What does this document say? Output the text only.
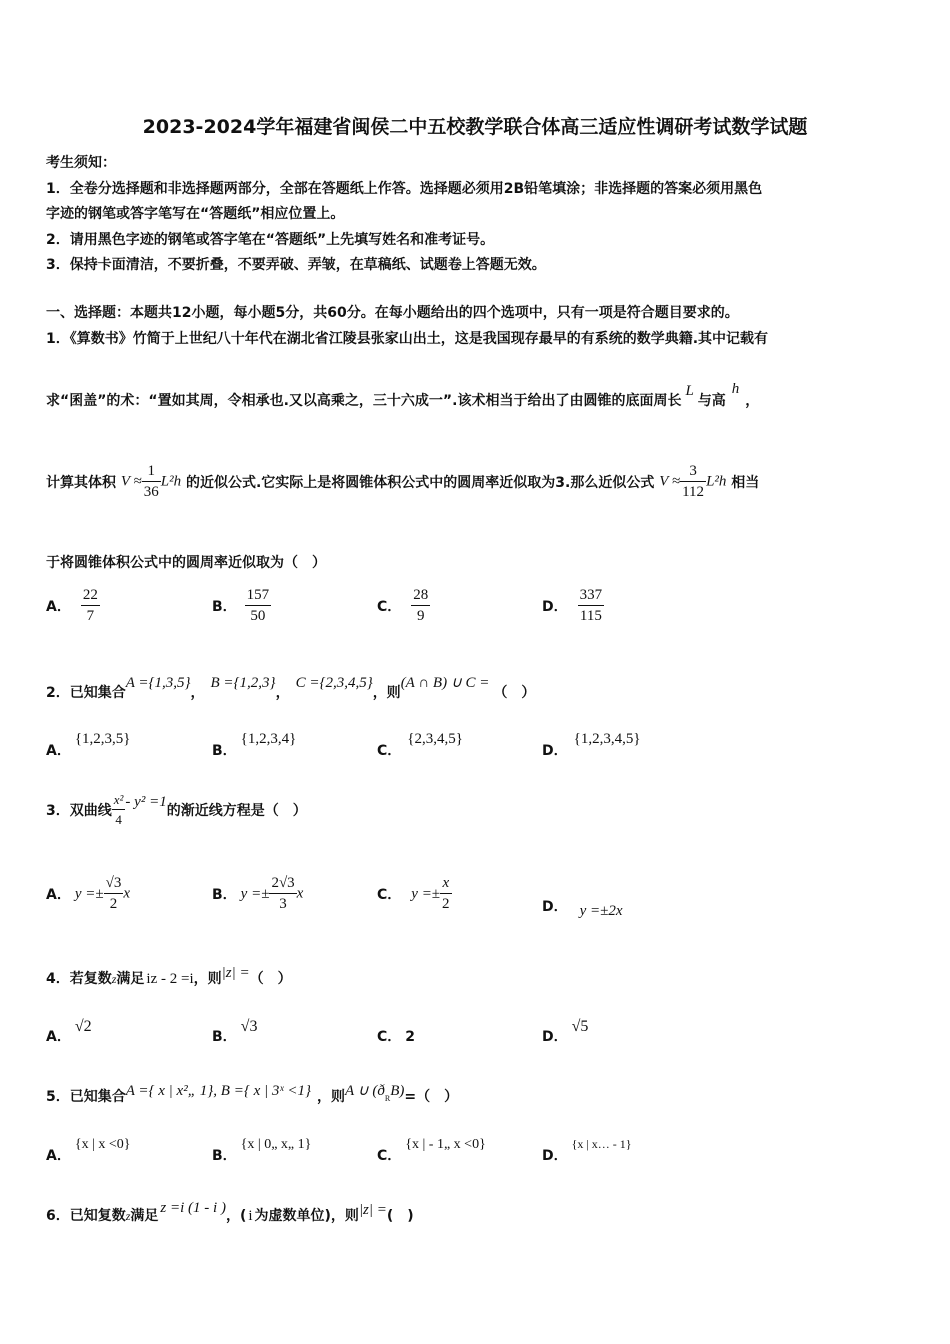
2023-2024学年福建省闽侯二中五校教学联合体高三适应性调研考试数学试题
考生须知：
1．全卷分选择题和非选择题两部分，全部在答题纸上作答。选择题必须用2B铅笔填涂；非选择题的答案必须用黑色
字迹的钢笔或答字笔写在“答题纸”相应位置上。
2．请用黑色字迹的钢笔或答字笔在“答题纸”上先填写姓名和准考证号。
3．保持卡面清洁，不要折叠，不要弄破、弄皱，在草稿纸、试题卷上答题无效。
一、选择题：本题共12小题，每小题5分，共60分。在每小题给出的四个选项中，只有一项是符合题目要求的。
1．《算数书》竹简于上世纪八十年代在湖北省江陵县张家山出土，这是我国现存最早的有系统的数学典籍.其中记载有
求“囷盖”的术：“置如其周，令相承也.又以高乘之，三十六成一”.该术相当于给出了由圆锥的底面周长L与高h，
计算其体积 $V \approx \frac{1}{36} L^2h$ 的近似公式.它实际上是将圆锥体积公式中的圆周率近似取为3.那么近似公式 $V \approx \frac{3}{112} L^2h$ 相当
于将圆锥体积公式中的圆周率近似取为（　）
A． $\frac{22}{7}$	B． $\frac{157}{50}$	C． $\frac{28}{9}$	D． $\frac{337}{115}$
2．已知集合A ={1,3,5}，B ={1,2,3}，C ={2,3,4,5}，则(A ∩ B) ∪ C =（　）
A．{1,2,3,5}
B．{1,2,3,4}
C．{2,3,4,5}
D．{1,2,3,4,5}
3．双曲线 $\frac{\text{x²}}{4} - y^2 =1$的渐近线方程是（　）
A． $y =\pm \frac{√3}{2}$ x	B． $y =\pm \frac{2√3}{3}$ x	C． $y =\pm \frac{x}{2}$	D． y =±2x
4．若复数z满足 iz - 2 =i，则|z| =（　）
A．√2
B．√3
C． 2	D．√5
5．已知集合A ={ x | x²„ 1}, B ={ x | 3ˣ <1} ，则A ∪ (ðRB)=（　）
A．{x | x <0}
B．{x | 0„ x„ 1}
C．{x | - 1„ x <0}
D．{x | x… - 1}
6．已知复数z满足 z =i (1 - i )，( i 为虚数单位)，则|z| =(　)
